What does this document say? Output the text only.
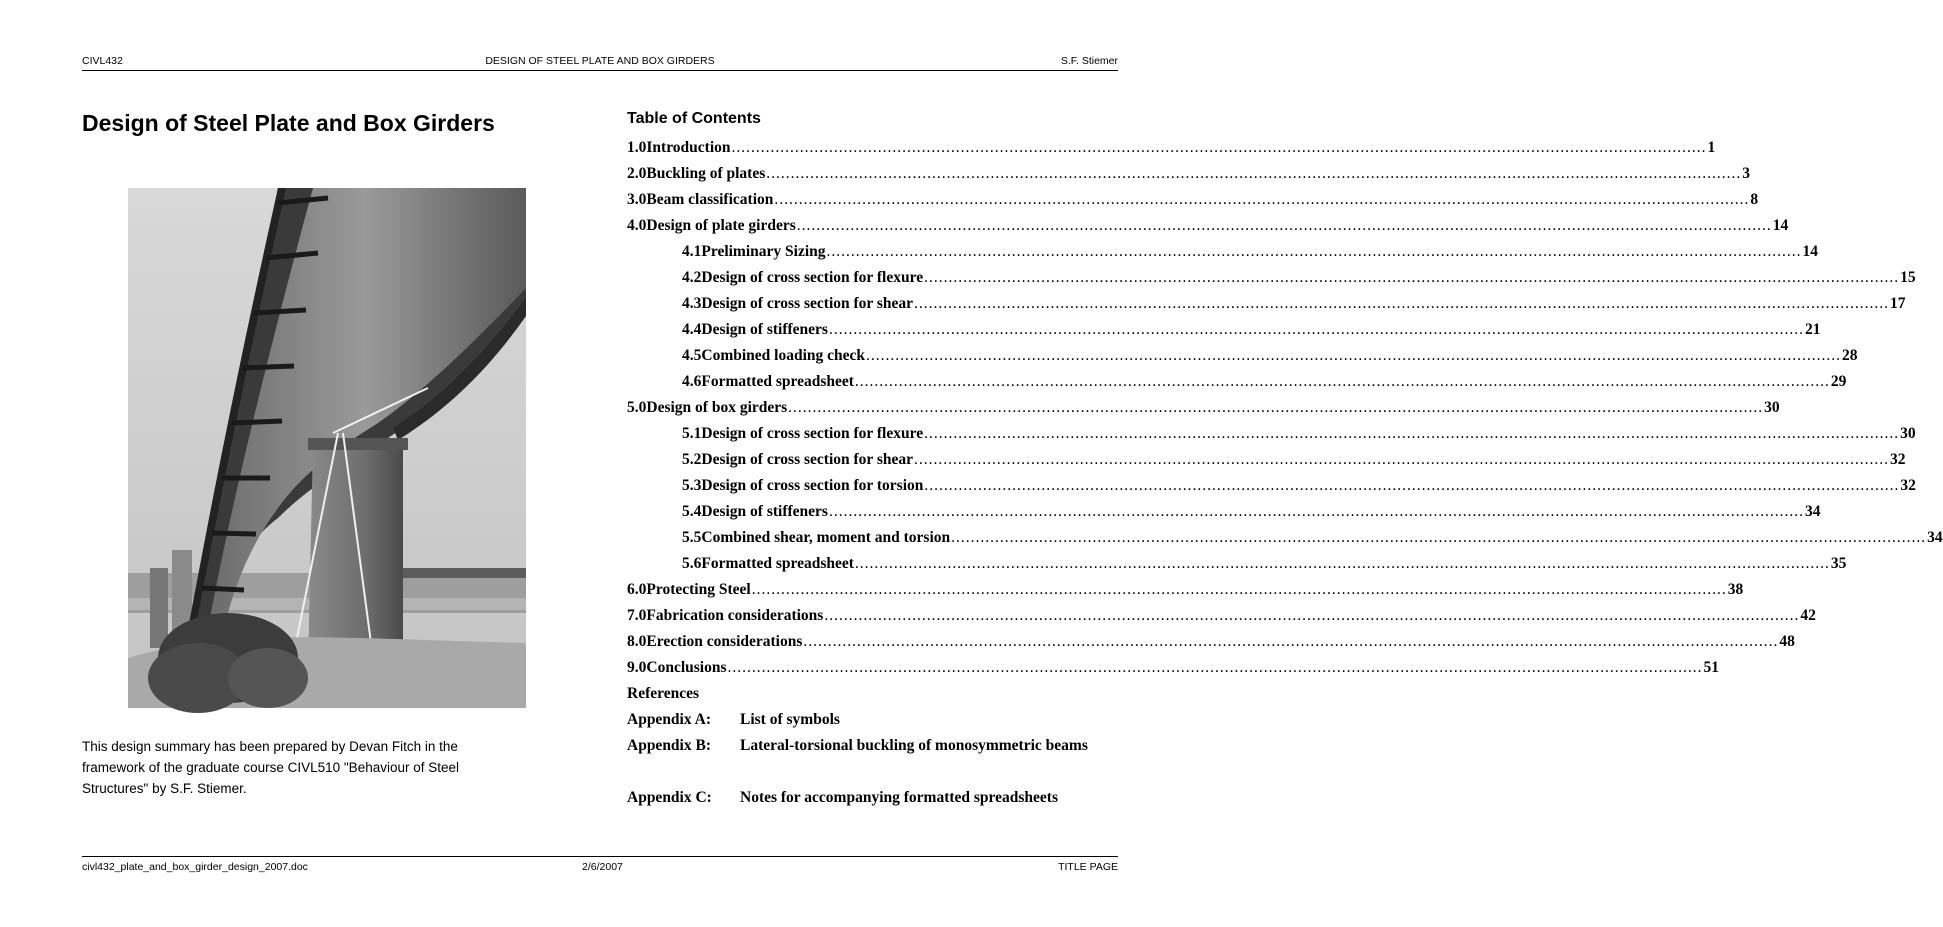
CIVL432	DESIGN OF STEEL PLATE AND BOX GIRDERS	S.F. Stiemer
Design of Steel Plate and Box Girders
This design summary has been prepared by Devan Fitch in the framework of the graduate course CIVL510 "Behaviour of Steel Structures" by S.F. Stiemer.
Table of Contents
1.0 Introduction ........................................................................................................................................................................................................ 1
2.0 Buckling of plates ........................................................................................................................................................................................................ 3
3.0 Beam classification ........................................................................................................................................................................................................ 8
4.0 Design of plate girders ........................................................................................................................................................................................................ 14
4.1 Preliminary Sizing ........................................................................................................................................................................................................ 14
4.2 Design of cross section for flexure ........................................................................................................................................................................................................ 15
4.3 Design of cross section for shear ........................................................................................................................................................................................................ 17
4.4 Design of stiffeners ........................................................................................................................................................................................................ 21
4.5 Combined loading check ........................................................................................................................................................................................................ 28
4.6 Formatted spreadsheet ........................................................................................................................................................................................................ 29
5.0 Design of box girders ........................................................................................................................................................................................................ 30
5.1 Design of cross section for flexure ........................................................................................................................................................................................................ 30
5.2 Design of cross section for shear ........................................................................................................................................................................................................ 32
5.3 Design of cross section for torsion ........................................................................................................................................................................................................ 32
5.4 Design of stiffeners ........................................................................................................................................................................................................ 34
5.5 Combined shear, moment and torsion ........................................................................................................................................................................................................ 34
5.6 Formatted spreadsheet ........................................................................................................................................................................................................ 35
6.0 Protecting Steel ........................................................................................................................................................................................................ 38
7.0 Fabrication considerations ........................................................................................................................................................................................................ 42
8.0 Erection considerations ........................................................................................................................................................................................................ 48
9.0 Conclusions ........................................................................................................................................................................................................ 51
References
Appendix A: List of symbols
Appendix B: Lateral-torsional buckling of monosymmetric beams
Appendix C: Notes for accompanying formatted spreadsheets
civl432_plate_and_box_girder_design_2007.doc	2/6/2007	TITLE PAGE
